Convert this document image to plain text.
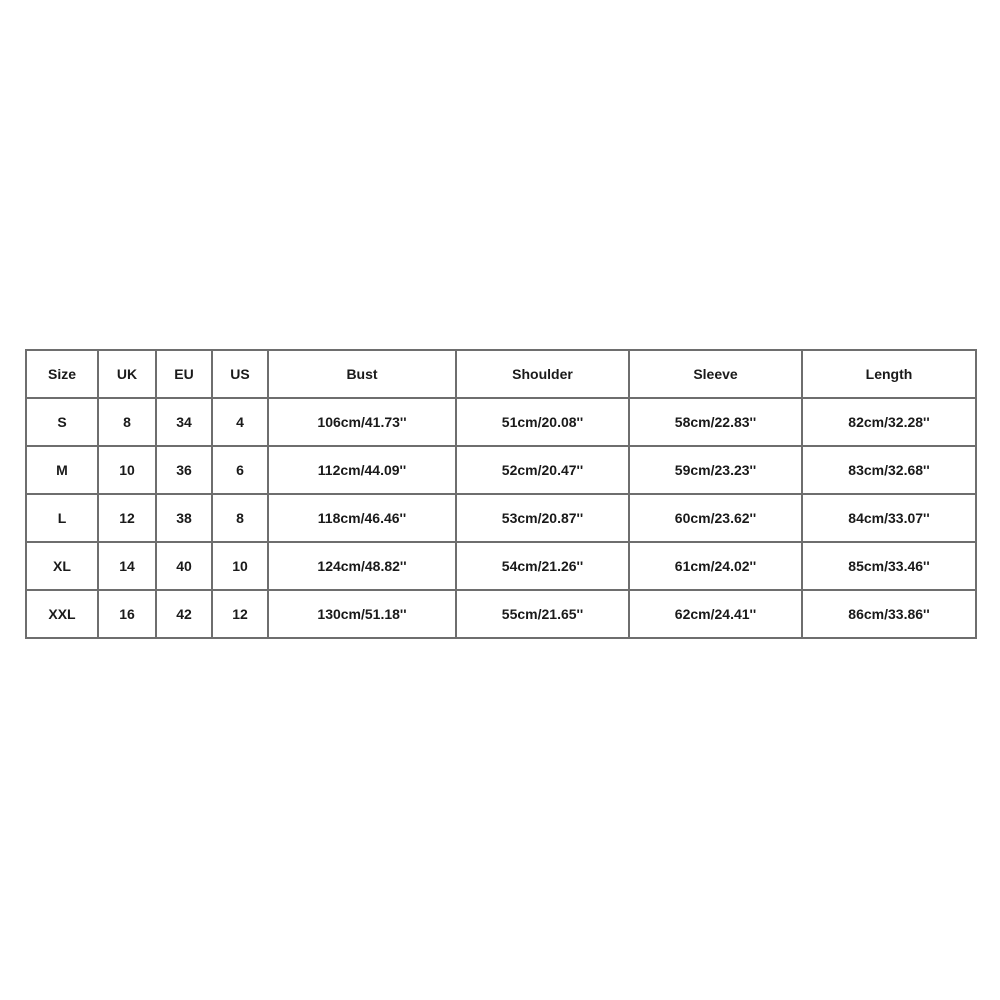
Size	UK	EU	US	Bust	Shoulder	Sleeve	Length
S	8	34	4	106cm/41.73''	51cm/20.08''	58cm/22.83''	82cm/32.28''
M	10	36	6	112cm/44.09''	52cm/20.47''	59cm/23.23''	83cm/32.68''
L	12	38	8	118cm/46.46''	53cm/20.87''	60cm/23.62''	84cm/33.07''
XL	14	40	10	124cm/48.82''	54cm/21.26''	61cm/24.02''	85cm/33.46''
XXL	16	42	12	130cm/51.18''	55cm/21.65''	62cm/24.41''	86cm/33.86''
